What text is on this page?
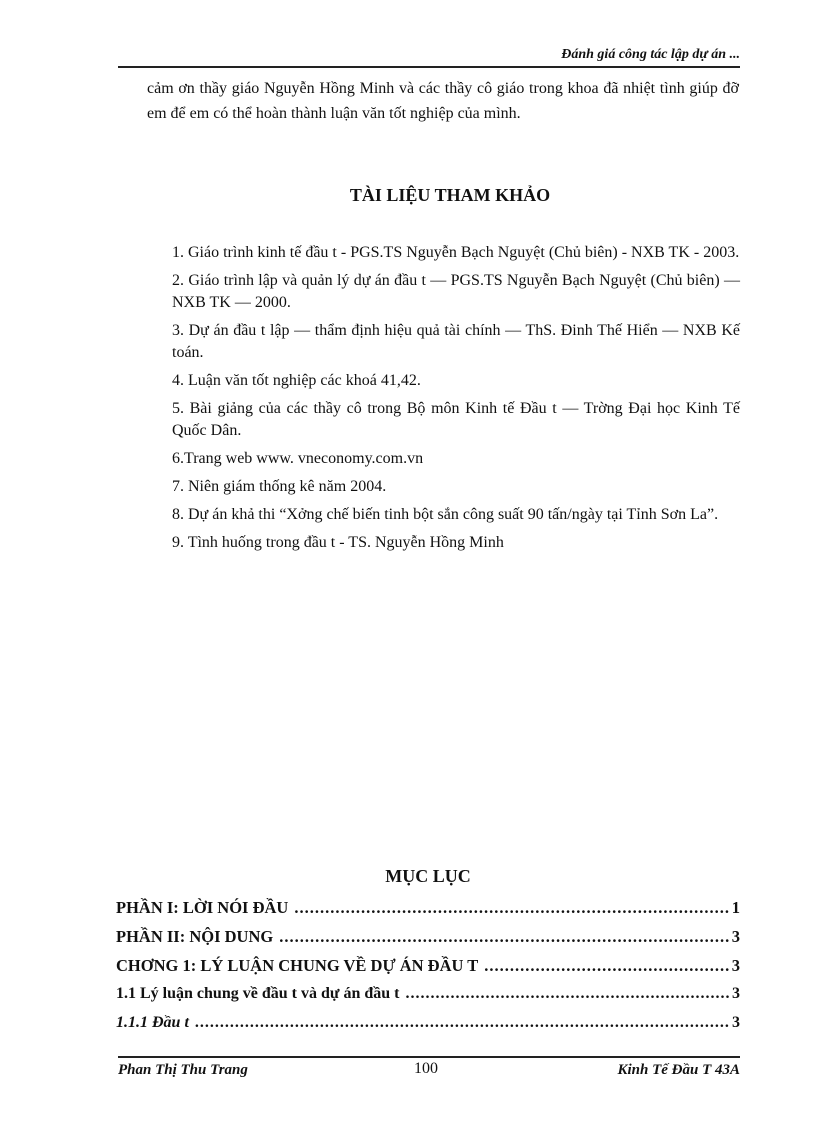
Đánh giá công tác lập dự án ...
cảm ơn thầy giáo Nguyễn Hồng Minh và các thầy cô giáo trong khoa đã nhiệt tình giúp đỡ em để em có thể hoàn thành luận văn tốt nghiệp của mình.
TÀI LIỆU THAM KHẢO
1. Giáo trình kinh tế đầu t - PGS.TS Nguyễn Bạch Nguyệt (Chủ biên) - NXB TK - 2003.
2. Giáo trình lập và quản lý dự án đầu t — PGS.TS Nguyễn Bạch Nguyệt (Chủ biên) — NXB TK — 2000.
3. Dự án đầu t lập — thẩm định hiệu quả tài chính — ThS. Đinh Thế Hiển — NXB Kế toán.
4. Luận văn tốt nghiệp các khoá 41,42.
5. Bài giảng của các thầy cô trong Bộ môn Kinh tế Đầu t — Trờng Đại học Kinh Tế Quốc Dân.
6.Trang web www. vneconomy.com.vn
7. Niên giám thống kê năm 2004.
8. Dự án khả thi “Xởng chế biến tinh bột sắn công suất 90 tấn/ngày tại Tỉnh Sơn La”.
9. Tình huống trong đầu t - TS. Nguyễn Hồng Minh
MỤC LỤC
PHẦN I: LỜI NÓI ĐẦU .....	1
PHẦN II: NỘI DUNG .....	3
CHƠNG 1: LÝ LUẬN CHUNG VỀ DỰ ÁN ĐẦU T .....	3
1.1 Lý luận chung về đầu t và dự án đầu t .....	3
1.1.1 Đầu t .....	3
Phan Thị Thu Trang	100	Kinh Tế Đầu T 43A
